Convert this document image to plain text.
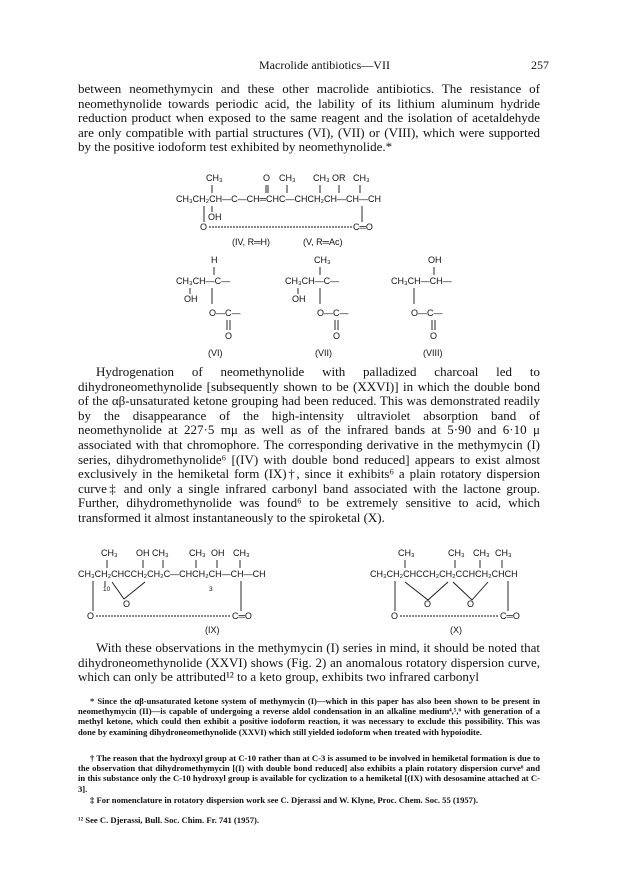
Macrolide antibiotics—VII	257

between neomethymycin and these other macrolide antibiotics. The resistance of neomethynolide towards periodic acid, the lability of its lithium aluminum hydride reduction product when exposed to the same reagent and the isolation of acetaldehyde are only compatible with partial structures (VI), (VII) or (VIII), which were supported by the positive iodoform test exhibited by neomethynolide.*

CH₃	O CH₃ CH₃ OR CH₃
CH₃CH₂CH—C—CH═CHC—CHCH₂CH—CH—CH
OH
O	C═O
(IV, R═H)	(V, R═Ac)
H
CH₃CH—C—
OH
O—C—
O
(VI)
CH₃
CH₃CH—C—
OH
O—C—
O
(VII)
OH
CH₃CH—CH—
O—C—
O
(VIII)
CH₃ OH CH₃ CH₃ OH CH₃
CH₃CH₂CHCCH₂CH₂C—CHCH₂CH—CH—CH
10	3
O
O	C═O
(IX)
CH₃	CH₃ CH₃ CH₃
CH₃CH₂CHCCH₂CH₂CCHCH₂CHCH
O	O
O	C═O
(X)

Hydrogenation of neomethynolide with palladized charcoal led to dihydroneomethynolide [subsequently shown to be (XXVI)] in which the double bond of the αβ-unsaturated ketone grouping had been reduced. This was demonstrated readily by the disappearance of the high-intensity ultraviolet absorption band of neomethynolide at 227·5 mμ as well as of the infrared bands at 5·90 and 6·10 μ associated with that chromophore. The corresponding derivative in the methymycin (I) series, dihydromethynolide⁶ [(IV) with double bond reduced] appears to exist almost exclusively in the hemiketal form (IX)†, since it exhibits⁶ a plain rotatory dispersion curve‡ and only a single infrared carbonyl band associated with the lactone group. Further, dihydromethynolide was found⁶ to be extremely sensitive to acid, which transformed it almost instantaneously to the spiroketal (X).

With these observations in the methymycin (I) series in mind, it should be noted that dihydroneomethynolide (XXVI) shows (Fig. 2) an anomalous rotatory dispersion curve, which can only be attributed¹² to a keto group, exhibits two infrared carbonyl

* Since the αβ-unsaturated ketone system of methymycin (I)—which in this paper has also been shown to be present in neomethymycin (II)—is capable of undergoing a reverse aldol condensation in an alkaline medium⁴,⁵,⁶ with generation of a methyl ketone, which could then exhibit a positive iodoform reaction, it was necessary to exclude this possibility. This was done by examining dihydroneomethynolide (XXVI) which still yielded iodoform when treated with hypoiodite.

† The reason that the hydroxyl group at C-10 rather than at C-3 is assumed to be involved in hemiketal formation is due to the observation that dihydromethymycin [(I) with double bond reduced] also exhibits a plain rotatory dispersion curve⁶ and in this substance only the C-10 hydroxyl group is available for cyclization to a hemiketal [(IX) with desosamine attached at C-3].

‡ For nomenclature in rotatory dispersion work see C. Djerassi and W. Klyne, Proc. Chem. Soc. 55 (1957).

¹² See C. Djerassi, Bull. Soc. Chim. Fr. 741 (1957).
